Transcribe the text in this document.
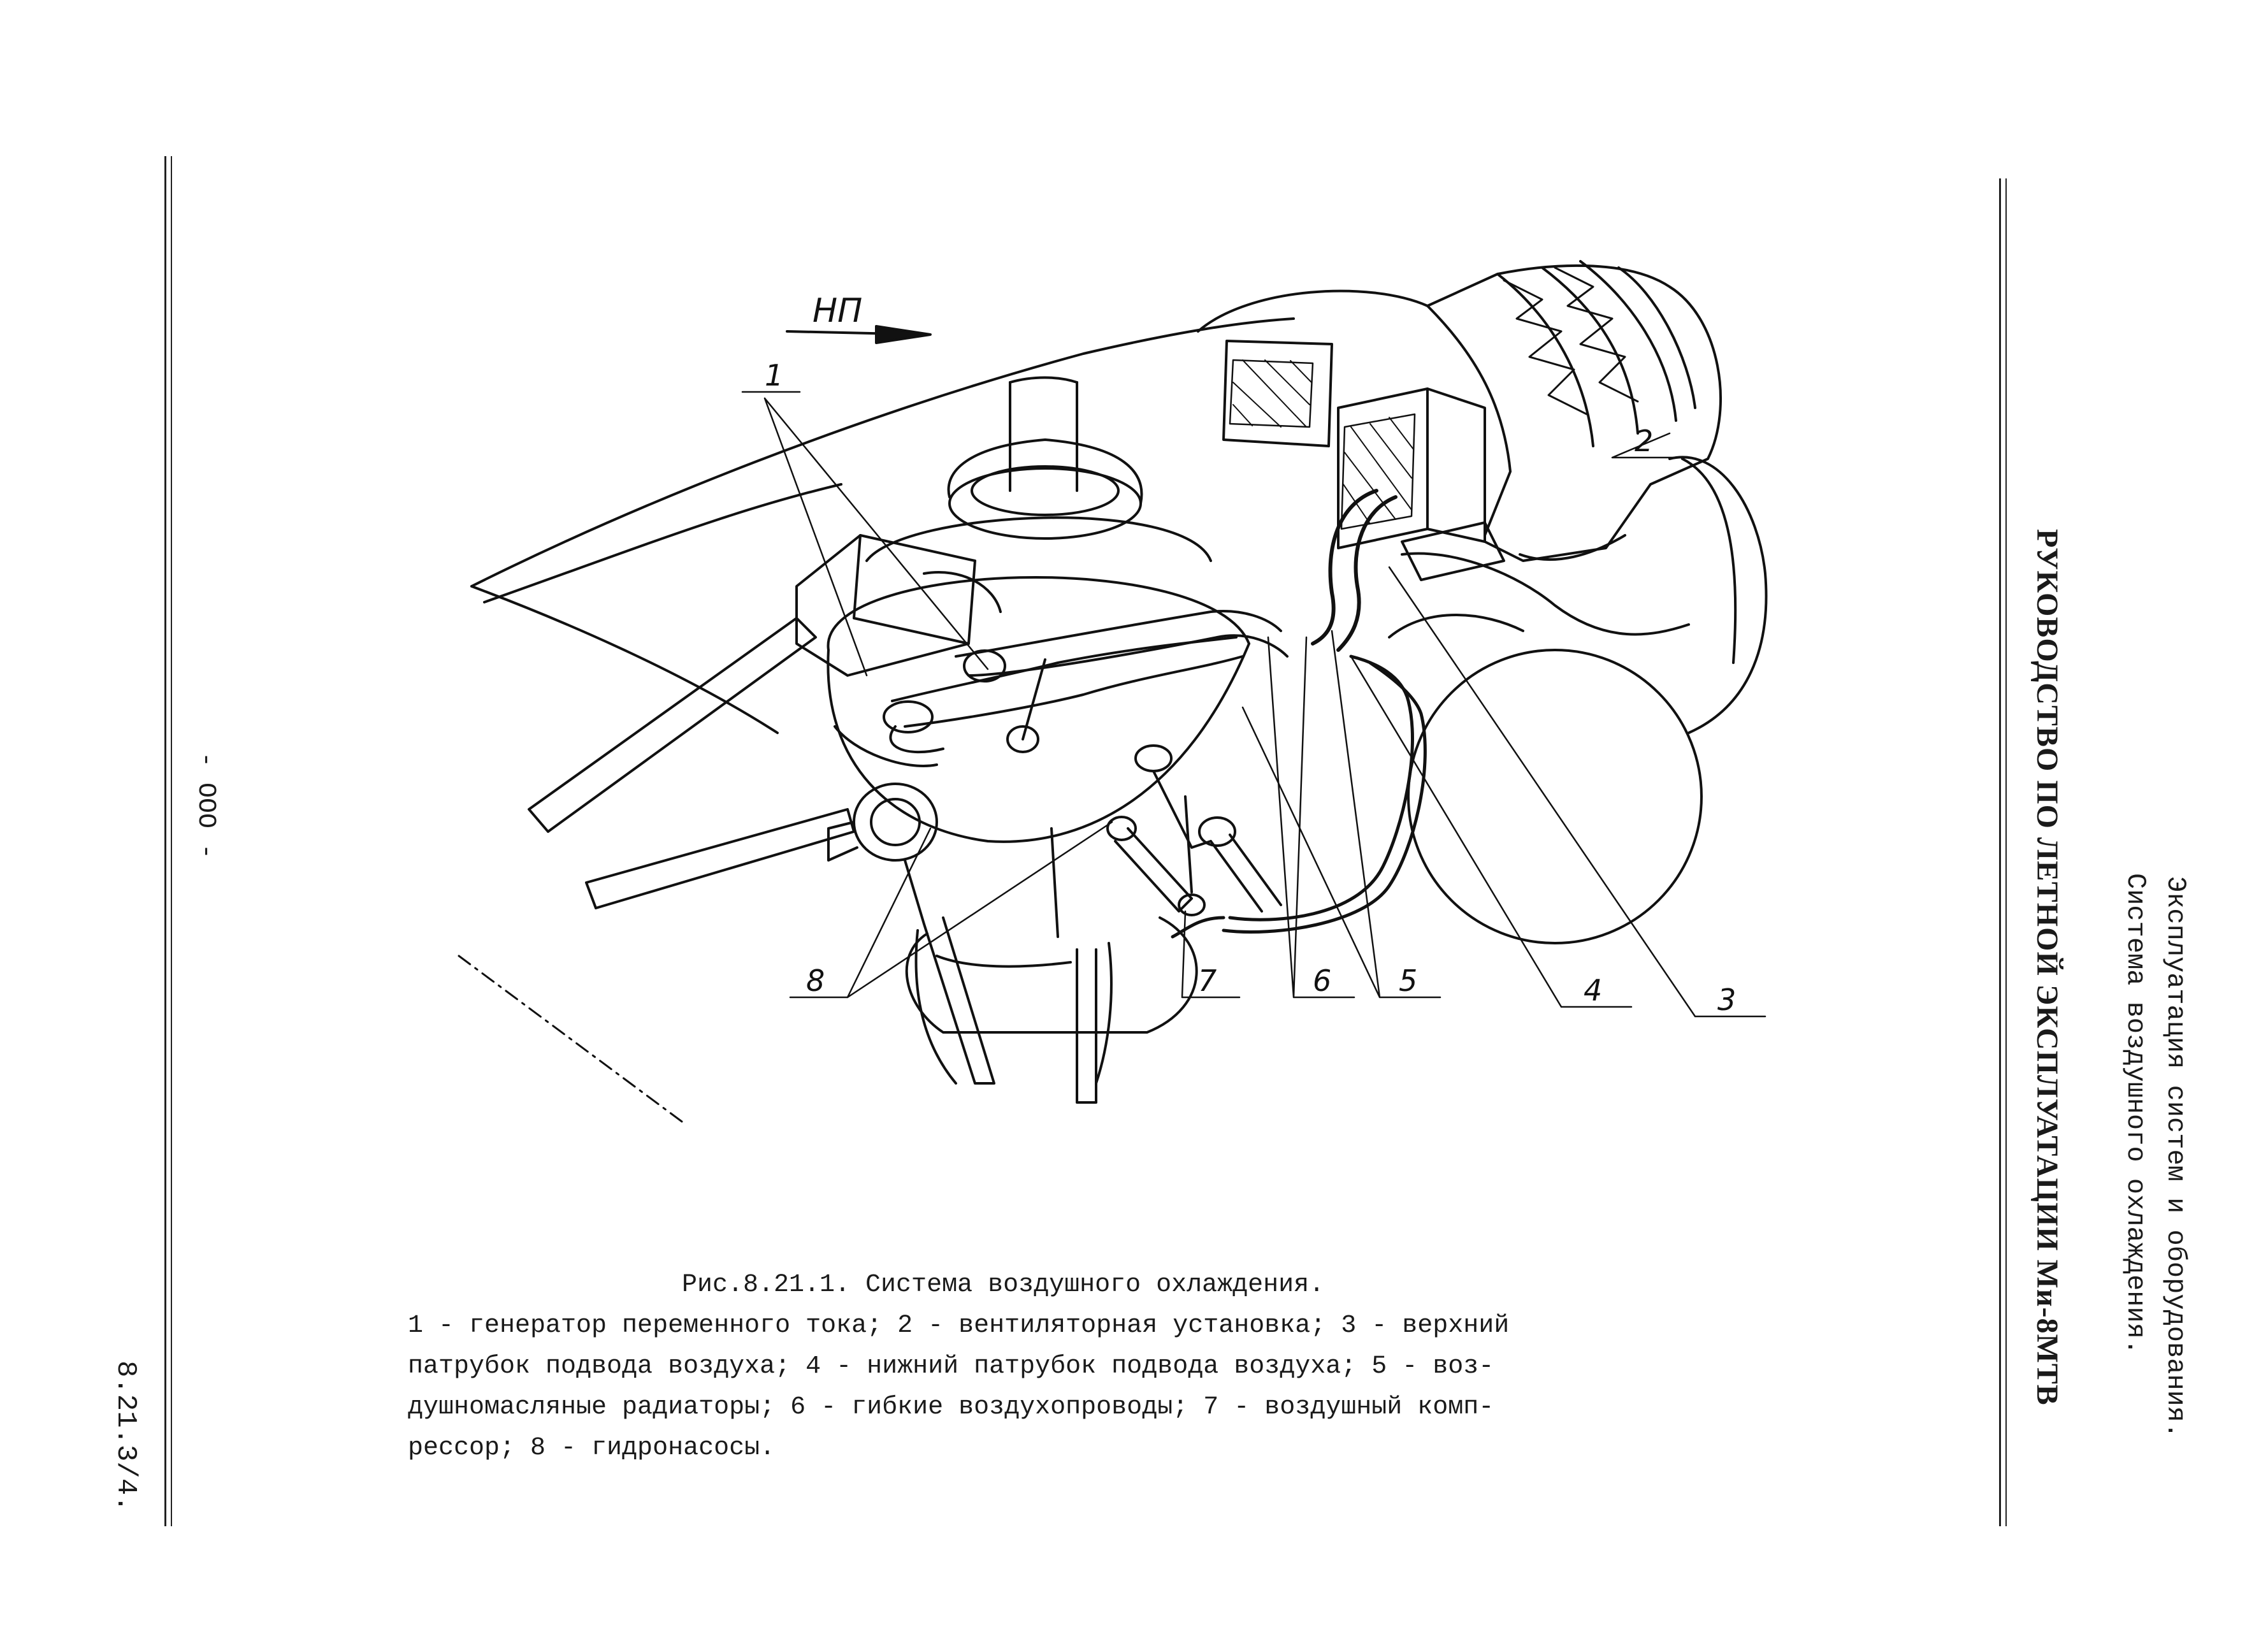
- ООО -
8.21.3/4.
РУКОВОДСТВО ПО ЛЕТНОЙ ЭКСПЛУАТАЦИИ Ми-8МТВ Система воздушного охлаждения. Эксплуатация систем и оборудования.
НП
1
2
3
4
5
6
7
8
Рис.8.21.1. Система воздушного охлаждения.
1 - генератор переменного тока; 2 - вентиляторная установка; 3 - верхний
патрубок подвода воздуха; 4 - нижний патрубок подвода воздуха; 5 - воз-
душномасляные радиаторы; 6 - гибкие воздухопроводы; 7 - воздушный комп-
рессор; 8 - гидронасосы.
